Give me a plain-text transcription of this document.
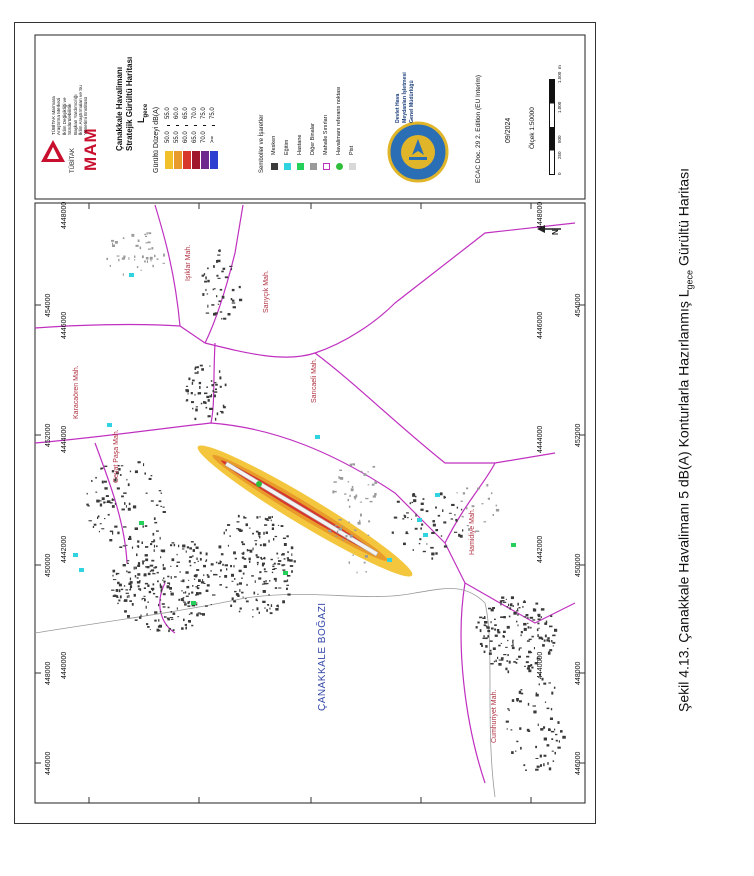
4448000
4446000
4444000
4442000
4440000
4448000
4446000
4444000
4442000
4440000
454000
452000
450000
448000
446000
454000
452000
450000
448000
446000
Karacaören Mah.
Cevat Paşa Mah.
Işıklar Mah.
Sarıyçık Mah.
Sarıcaeli Mah.
Hamidiye Mah.
Cumhuriyet Mah.
ÇANAKKALE BOĞAZI
N
TÜBİTAK MAM
TÜBİTAK Marmara Araştırma Merkezi İklim Değişikliği ve Sürdürülebilirlik Başkan Yardımcılığı İklim Araştırmaları ve Su Yönetimi Enstitüsü	Çanakkale Havalimanı Stratejik Gürültü Haritası $L_{gece}$ Gürültü Düzeyi dB(A) 50.0
55.0
55.0
60.0
60.0
65.0
65.0
70.0
70.0
75.0
>=
75.0
Semboller ve İşaretler Mesken Eğitim Hastane Diğer Binalar Mahalle Sınırları Havalimanı referans noktası Pist
Devlet Hava Meydanları İşletmesi Genel Müdürlüğü	ECAC Doc. 29 2. Edition (EU Interim)	09/2024	Ölçek 1:50000
0
250
500
1.000
1.500
m
Şekil 4.13. Çanakkale Havalimanı 5 dB(A) Konturlarla Hazırlanmış $L_{gece}$ Gürültü Haritası
